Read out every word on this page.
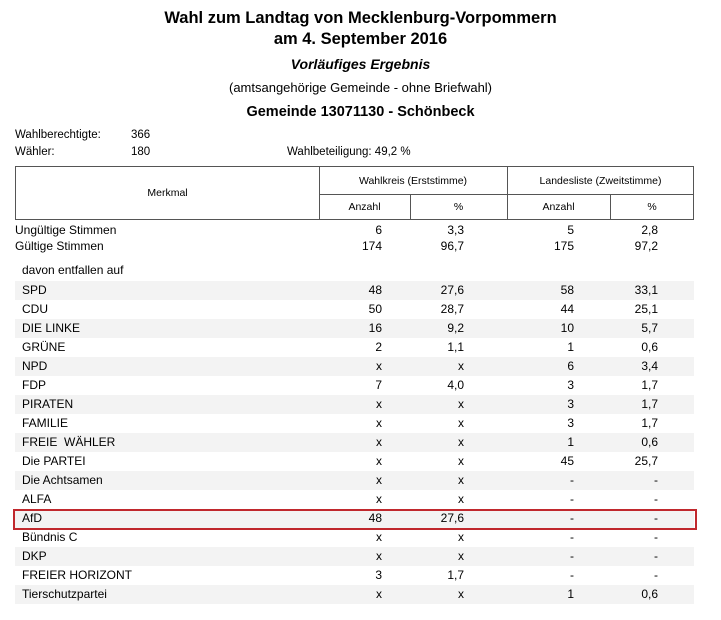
Wahl zum Landtag von Mecklenburg-Vorpommern
am 4. September 2016
Vorläufiges Ergebnis
(amtsangehörige Gemeinde - ohne Briefwahl)
Gemeinde 13071130 - Schönbeck
Wahlberechtigte:	366
Wähler:	180	Wahlbeteiligung: 49,2 %
Merkmal
Wahlkreis (Erststimme)	Landesliste (Zweitstimme)
Anzahl	%	Anzahl	%
Ungültige Stimmen	6	3,3	5	2,8
Gültige Stimmen	174	96,7	175	97,2
davon entfallen auf
SPD	48	27,6	58	33,1
CDU	50	28,7	44	25,1
DIE LINKE	16	9,2	10	5,7
GRÜNE	2	1,1	1	0,6
NPD	x	x	6	3,4
FDP	7	4,0	3	1,7
PIRATEN	x	x	3	1,7
FAMILIE	x	x	3	1,7
FREIE  WÄHLER	x	x	1	0,6
Die PARTEI	x	x	45	25,7
Die Achtsamen	x	x	-	-
ALFA	x	x	-	-
AfD	48	27,6	-	-
Bündnis C	x	x	-	-
DKP	x	x	-	-
FREIER HORIZONT	3	1,7	-	-
Tierschutzpartei	x	x	1	0,6
